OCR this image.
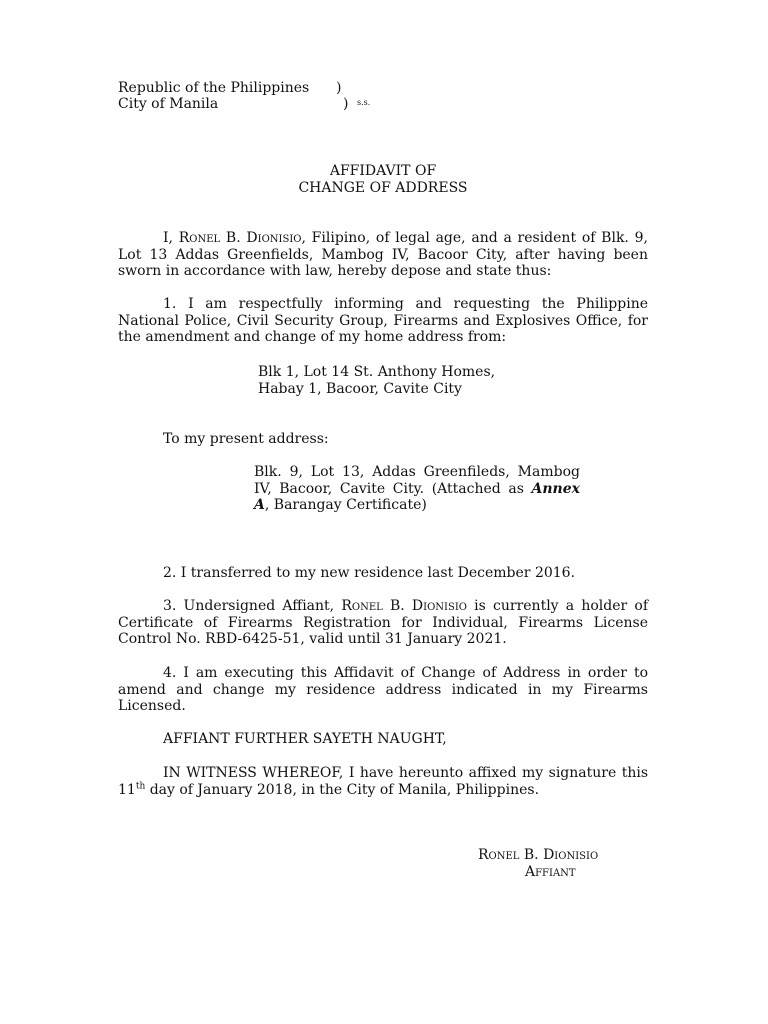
Republic of the Philippines )
City of Manila	) s.s.
AFFIDAVIT OF
CHANGE OF ADDRESS
I, Ronel B. Dionisio, Filipino, of legal age, and a resident of Blk. 9, Lot 13 Addas Greenfields, Mambog IV, Bacoor City, after having been sworn in accordance with law, hereby depose and state thus:
1. I am respectfully informing and requesting the Philippine National Police, Civil Security Group, Firearms and Explosives Office, for the amendment and change of my home address from:
Blk 1, Lot 14 St. Anthony Homes,
Habay 1, Bacoor, Cavite City
To my present address:
Blk. 9, Lot 13, Addas Greenfileds, Mambog IV, Bacoor, Cavite City. (Attached as Annex A, Barangay Certificate)
2. I transferred to my new residence last December 2016.
3. Undersigned Affiant, Ronel B. Dionisio is currently a holder of Certificate of Firearms Registration for Individual, Firearms License Control No. RBD-6425-51, valid until 31 January 2021.
4. I am executing this Affidavit of Change of Address in order to amend and change my residence address indicated in my Firearms Licensed.
AFFIANT FURTHER SAYETH NAUGHT,
IN WITNESS WHEREOF, I have hereunto affixed my signature this 11th day of January 2018, in the City of Manila, Philippines.
Ronel B. Dionisio
Affiant
